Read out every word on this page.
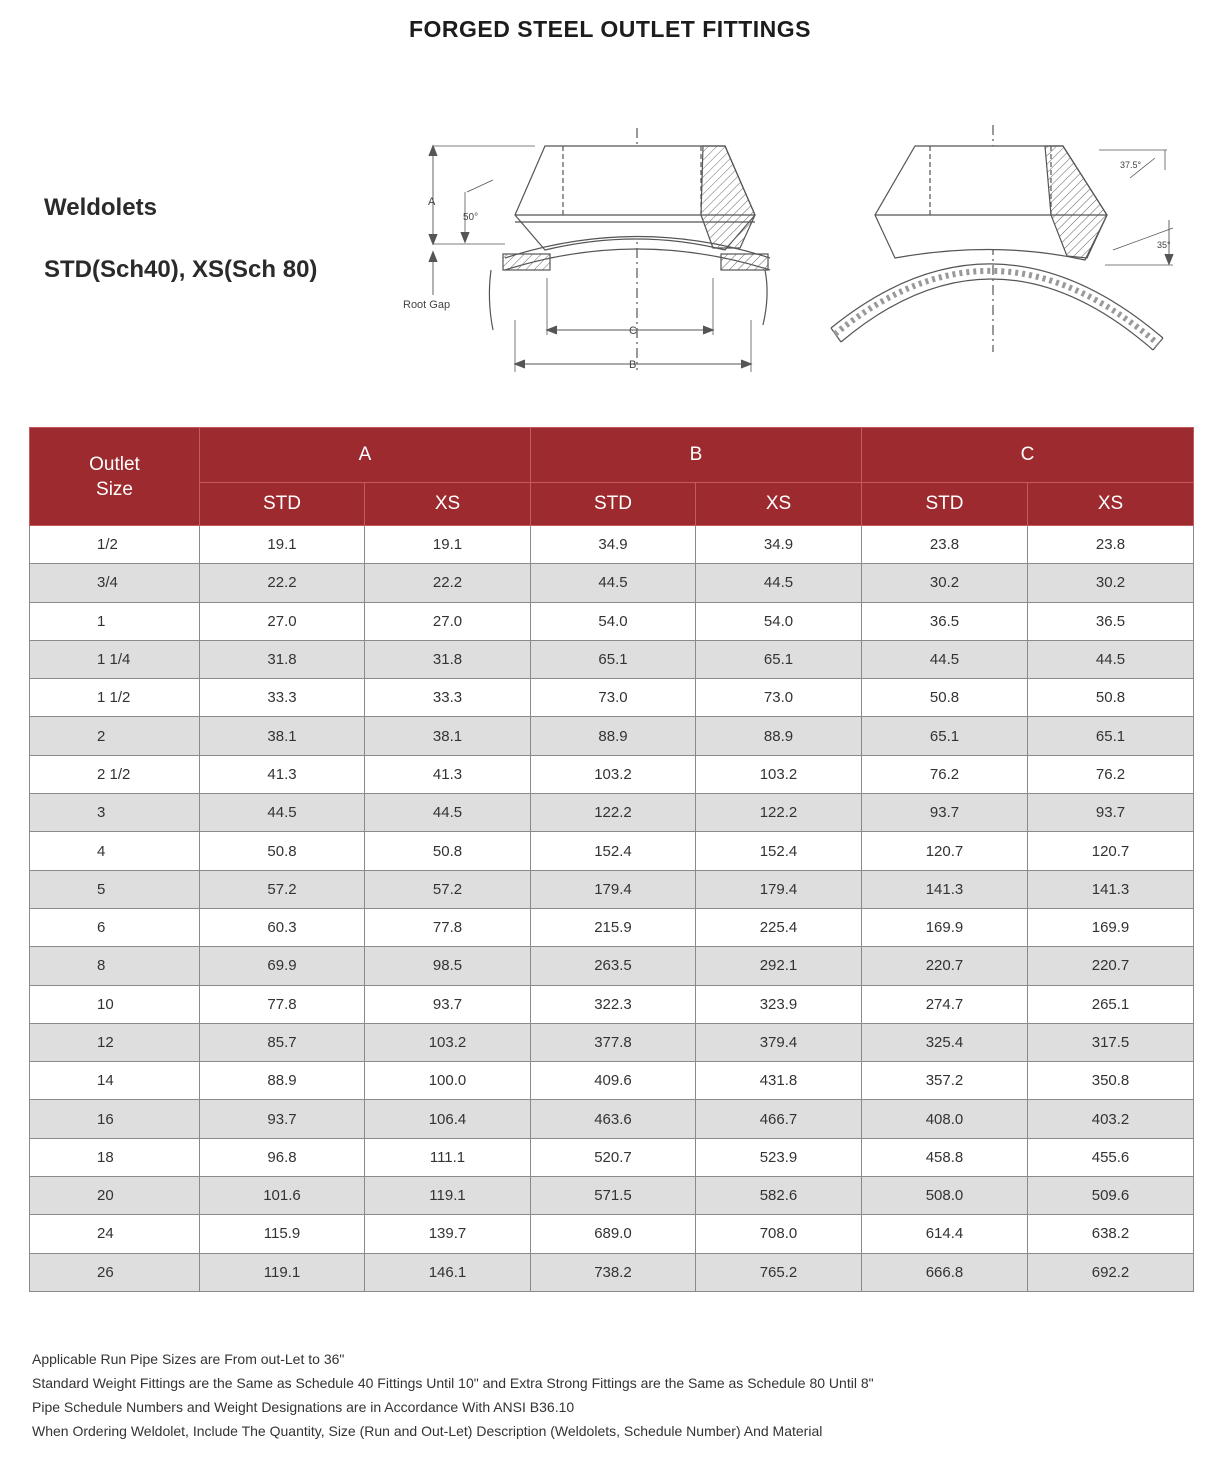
FORGED STEEL OUTLET FITTINGS
Weldolets
STD(Sch40), XS(Sch 80)
A
C
B
50°
Root Gap
37.5°
35°
Outlet
Size	A		B		C	
	STD	XS	STD	XS	STD	XS
1/2	19.1	19.1	34.9	34.9	23.8	23.8
3/4	22.2	22.2	44.5	44.5	30.2	30.2
1	27.0	27.0	54.0	54.0	36.5	36.5
1 1/4	31.8	31.8	65.1	65.1	44.5	44.5
1 1/2	33.3	33.3	73.0	73.0	50.8	50.8
2	38.1	38.1	88.9	88.9	65.1	65.1
2 1/2	41.3	41.3	103.2	103.2	76.2	76.2
3	44.5	44.5	122.2	122.2	93.7	93.7
4	50.8	50.8	152.4	152.4	120.7	120.7
5	57.2	57.2	179.4	179.4	141.3	141.3
6	60.3	77.8	215.9	225.4	169.9	169.9
8	69.9	98.5	263.5	292.1	220.7	220.7
10	77.8	93.7	322.3	323.9	274.7	265.1
12	85.7	103.2	377.8	379.4	325.4	317.5
14	88.9	100.0	409.6	431.8	357.2	350.8
16	93.7	106.4	463.6	466.7	408.0	403.2
18	96.8	111.1	520.7	523.9	458.8	455.6
20	101.6	119.1	571.5	582.6	508.0	509.6
24	115.9	139.7	689.0	708.0	614.4	638.2
26	119.1	146.1	738.2	765.2	666.8	692.2
Applicable Run Pipe Sizes are From out-Let to 36"
Standard Weight Fittings are the Same as Schedule 40 Fittings Until 10" and Extra Strong Fittings are the Same as Schedule 80 Until 8"
Pipe Schedule Numbers and Weight Designations are in Accordance With ANSI B36.10
When Ordering Weldolet, Include The Quantity, Size (Run and Out-Let) Description (Weldolets, Schedule Number) And Material
